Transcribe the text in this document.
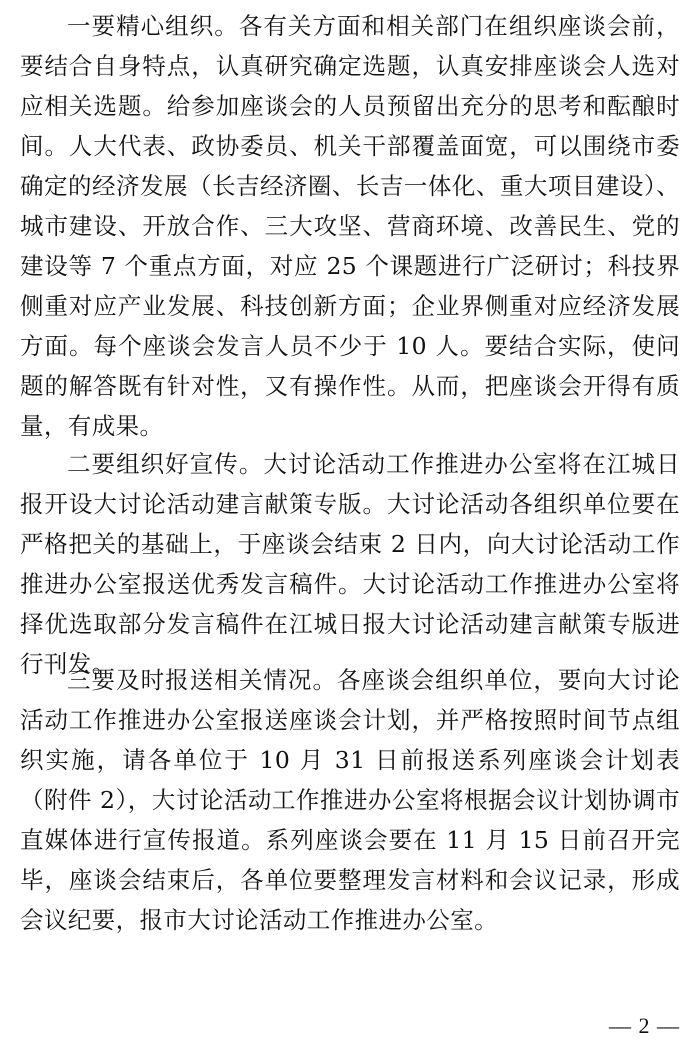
一要精心组织。各有关方面和相关部门在组织座谈会前，要结合自身特点，认真研究确定选题，认真安排座谈会人选对应相关选题。给参加座谈会的人员预留出充分的思考和酝酿时间。人大代表、政协委员、机关干部覆盖面宽，可以围绕市委确定的经济发展（长吉经济圈、长吉一体化、重大项目建设）、城市建设、开放合作、三大攻坚、营商环境、改善民生、党的建设等 7 个重点方面，对应 25 个课题进行广泛研讨；科技界侧重对应产业发展、科技创新方面；企业界侧重对应经济发展方面。每个座谈会发言人员不少于 10 人。要结合实际，使问题的解答既有针对性，又有操作性。从而，把座谈会开得有质量，有成果。

二要组织好宣传。大讨论活动工作推进办公室将在江城日报开设大讨论活动建言献策专版。大讨论活动各组织单位要在严格把关的基础上，于座谈会结束 2 日内，向大讨论活动工作推进办公室报送优秀发言稿件。大讨论活动工作推进办公室将择优选取部分发言稿件在江城日报大讨论活动建言献策专版进行刊发。

三要及时报送相关情况。各座谈会组织单位，要向大讨论活动工作推进办公室报送座谈会计划，并严格按照时间节点组织实施，请各单位于 10 月 31 日前报送系列座谈会计划表（附件 2），大讨论活动工作推进办公室将根据会议计划协调市直媒体进行宣传报道。系列座谈会要在 11 月 15 日前召开完毕，座谈会结束后，各单位要整理发言材料和会议记录，形成会议纪要，报市大讨论活动工作推进办公室。

— 2 —
